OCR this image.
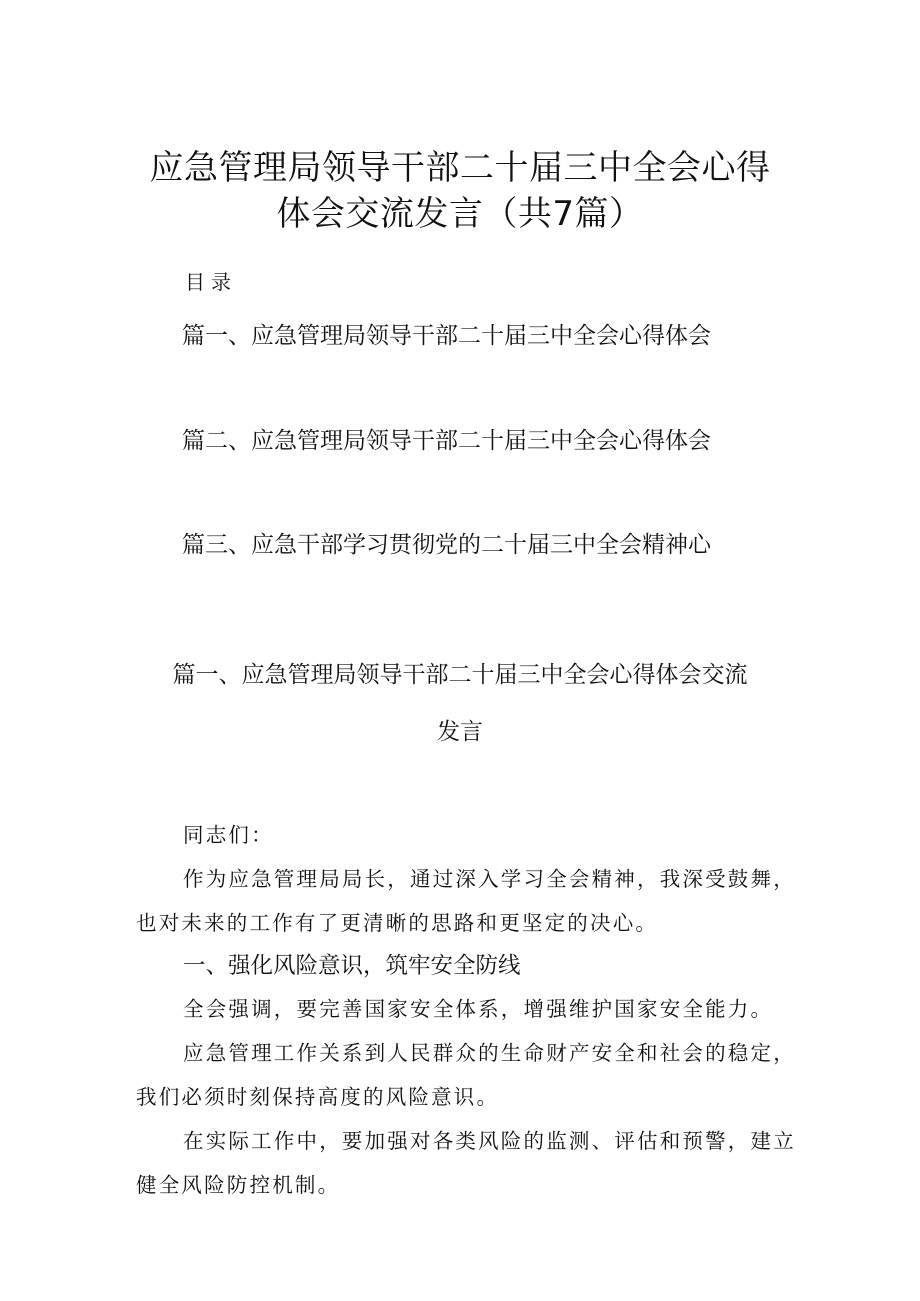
应急管理局领导干部二十届三中全会心得
体会交流发言（共7篇）
目录
篇一、应急管理局领导干部二十届三中全会心得体会
篇二、应急管理局领导干部二十届三中全会心得体会
篇三、应急干部学习贯彻党的二十届三中全会精神心
篇一、应急管理局领导干部二十届三中全会心得体会交流
发言
同志们：
作为应急管理局局长，通过深入学习全会精神，我深受鼓舞，
也对未来的工作有了更清晰的思路和更坚定的决心。
一、强化风险意识，筑牢安全防线
全会强调，要完善国家安全体系，增强维护国家安全能力。
应急管理工作关系到人民群众的生命财产安全和社会的稳定，
我们必须时刻保持高度的风险意识。
在实际工作中，要加强对各类风险的监测、评估和预警，建立
健全风险防控机制。
